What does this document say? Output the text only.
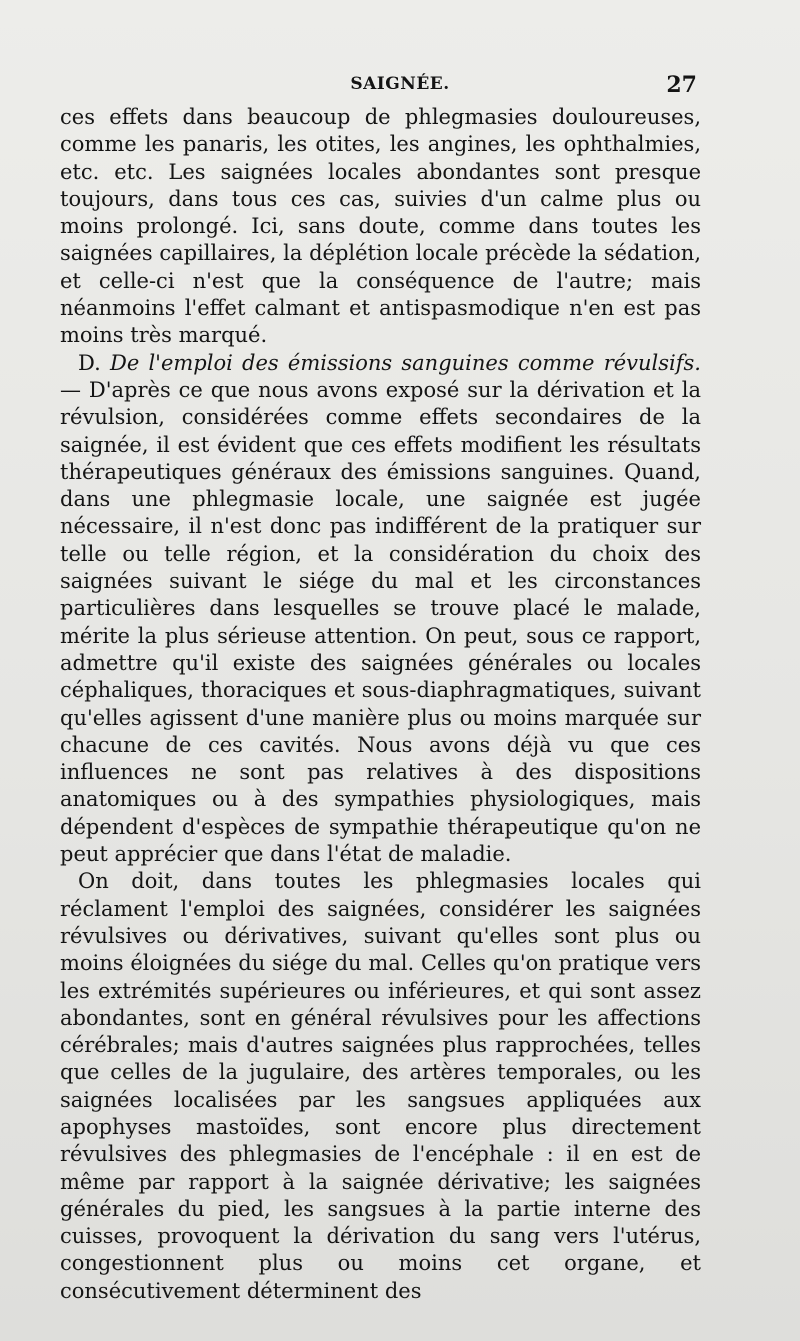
SAIGNÉE.	27

ces effets dans beaucoup de phlegmasies douloureuses, comme les panaris, les otites, les angines, les ophthalmies, etc. etc. Les saignées locales abondantes sont presque toujours, dans tous ces cas, suivies d'un calme plus ou moins prolongé. Ici, sans doute, comme dans toutes les saignées capillaires, la déplétion locale précède la sédation, et celle-ci n'est que la conséquence de l'autre; mais néanmoins l'effet calmant et antispasmodique n'en est pas moins très marqué.

D. De l'emploi des émissions sanguines comme révulsifs. — D'après ce que nous avons exposé sur la dérivation et la révulsion, considérées comme effets secondaires de la saignée, il est évident que ces effets modifient les résultats thérapeutiques généraux des émissions sanguines. Quand, dans une phlegmasie locale, une saignée est jugée nécessaire, il n'est donc pas indifférent de la pratiquer sur telle ou telle région, et la considération du choix des saignées suivant le siége du mal et les circonstances particulières dans lesquelles se trouve placé le malade, mérite la plus sérieuse attention. On peut, sous ce rapport, admettre qu'il existe des saignées générales ou locales céphaliques, thoraciques et sous-diaphragmatiques, suivant qu'elles agissent d'une manière plus ou moins marquée sur chacune de ces cavités. Nous avons déjà vu que ces influences ne sont pas relatives à des dispositions anatomiques ou à des sympathies physiologiques, mais dépendent d'espèces de sympathie thérapeutique qu'on ne peut apprécier que dans l'état de maladie.

On doit, dans toutes les phlegmasies locales qui réclament l'emploi des saignées, considérer les saignées révulsives ou dérivatives, suivant qu'elles sont plus ou moins éloignées du siége du mal. Celles qu'on pratique vers les extrémités supérieures ou inférieures, et qui sont assez abondantes, sont en général révulsives pour les affections cérébrales; mais d'autres saignées plus rapprochées, telles que celles de la jugulaire, des artères temporales, ou les saignées localisées par les sangsues appliquées aux apophyses mastoïdes, sont encore plus directement révulsives des phlegmasies de l'encéphale : il en est de même par rapport à la saignée dérivative; les saignées générales du pied, les sangsues à la partie interne des cuisses, provoquent la dérivation du sang vers l'utérus, congestionnent plus ou moins cet organe, et consécutivement déterminent des
